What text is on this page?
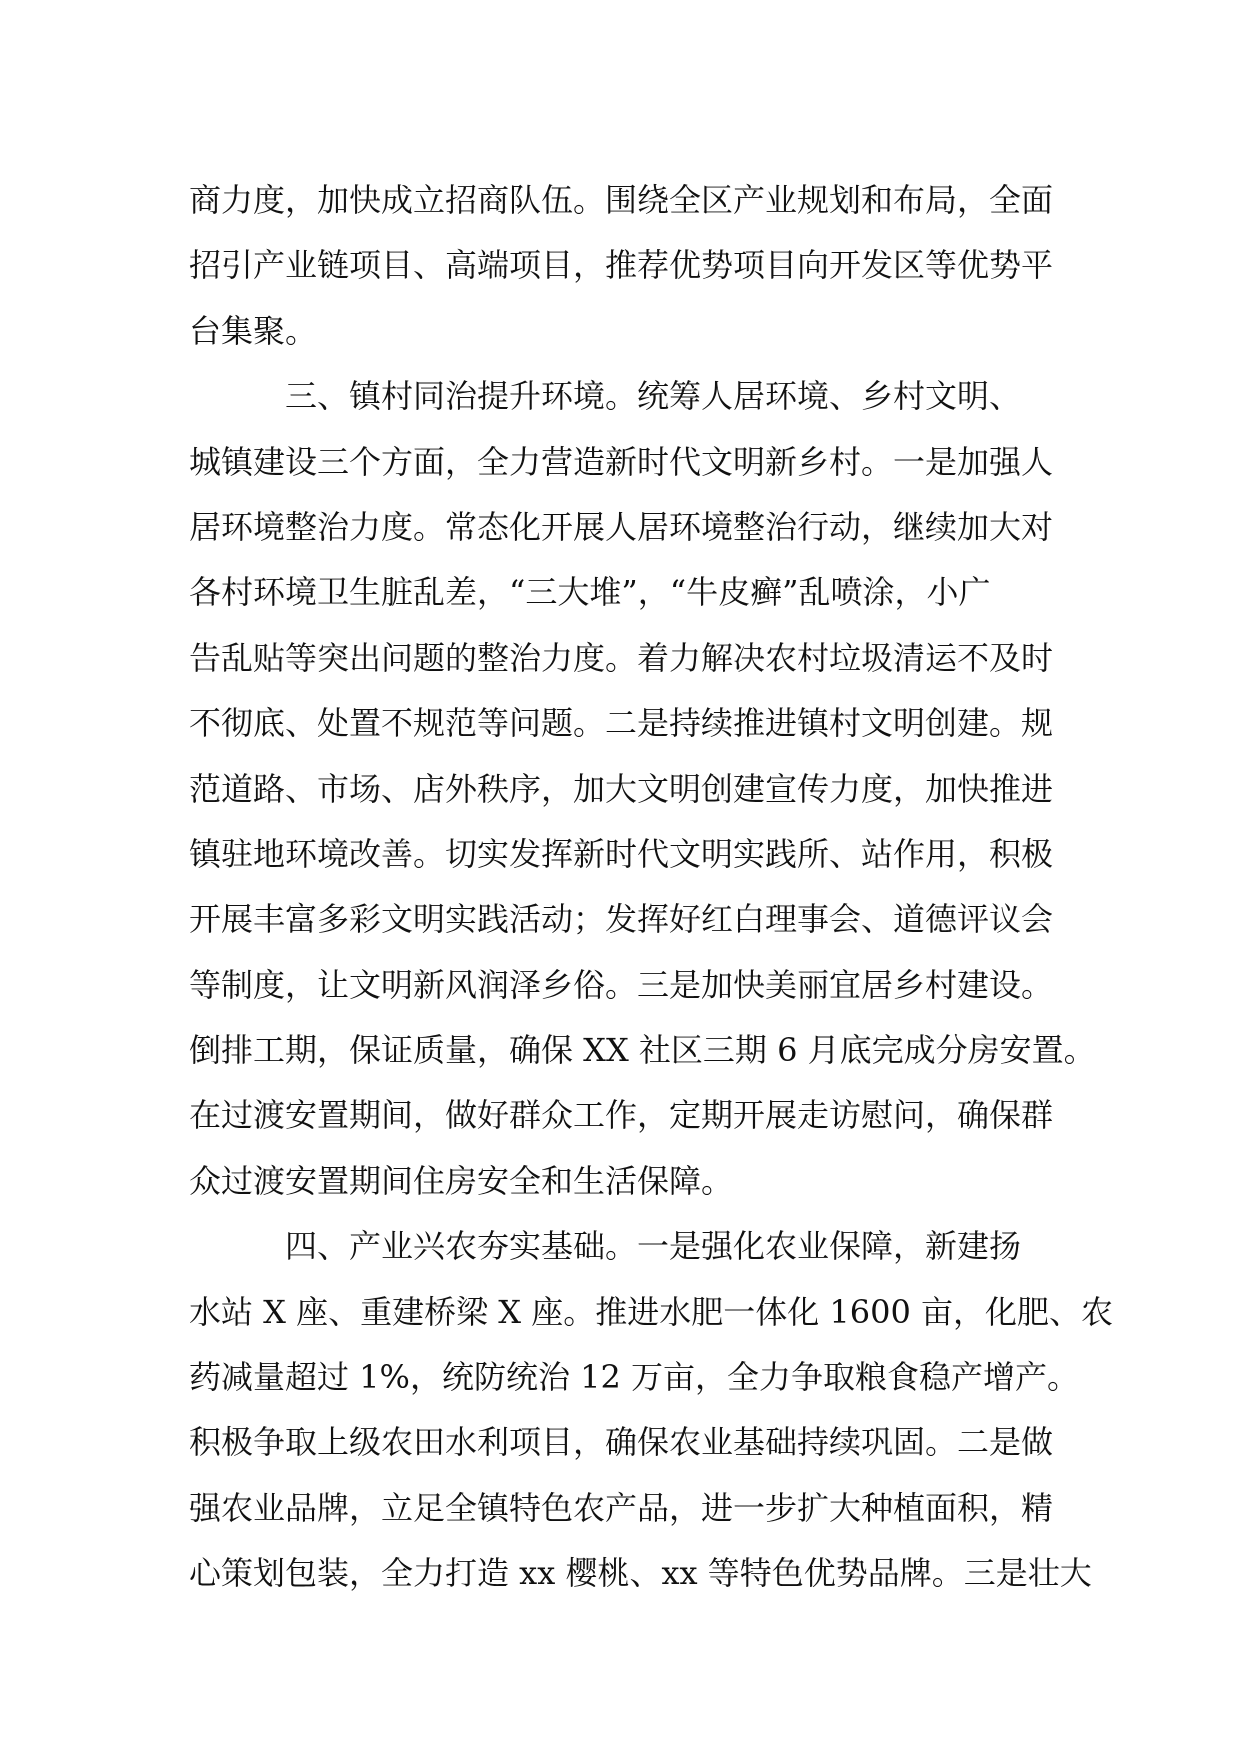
商力度，加快成立招商队伍。围绕全区产业规划和布局，全面
招引产业链项目、高端项目，推荐优势项目向开发区等优势平
台集聚。
　　　三、镇村同治提升环境。统筹人居环境、乡村文明、
城镇建设三个方面，全力营造新时代文明新乡村。一是加强人
居环境整治力度。常态化开展人居环境整治行动，继续加大对
各村环境卫生脏乱差，“三大堆”，“牛皮癣”乱喷涂，小广
告乱贴等突出问题的整治力度。着力解决农村垃圾清运不及时
不彻底、处置不规范等问题。二是持续推进镇村文明创建。规
范道路、市场、店外秩序，加大文明创建宣传力度，加快推进
镇驻地环境改善。切实发挥新时代文明实践所、站作用，积极
开展丰富多彩文明实践活动；发挥好红白理事会、道德评议会
等制度，让文明新风润泽乡俗。三是加快美丽宜居乡村建设。
倒排工期，保证质量，确保 XX 社区三期 6 月底完成分房安置。
在过渡安置期间，做好群众工作，定期开展走访慰问，确保群
众过渡安置期间住房安全和生活保障。
　　　四、产业兴农夯实基础。一是强化农业保障，新建扬
水站 X 座、重建桥梁 X 座。推进水肥一体化 1600 亩，化肥、农
药减量超过 1%，统防统治 12 万亩，全力争取粮食稳产增产。
积极争取上级农田水利项目，确保农业基础持续巩固。二是做
强农业品牌，立足全镇特色农产品，进一步扩大种植面积，精
心策划包装，全力打造 xx 樱桃、xx 等特色优势品牌。三是壮大
